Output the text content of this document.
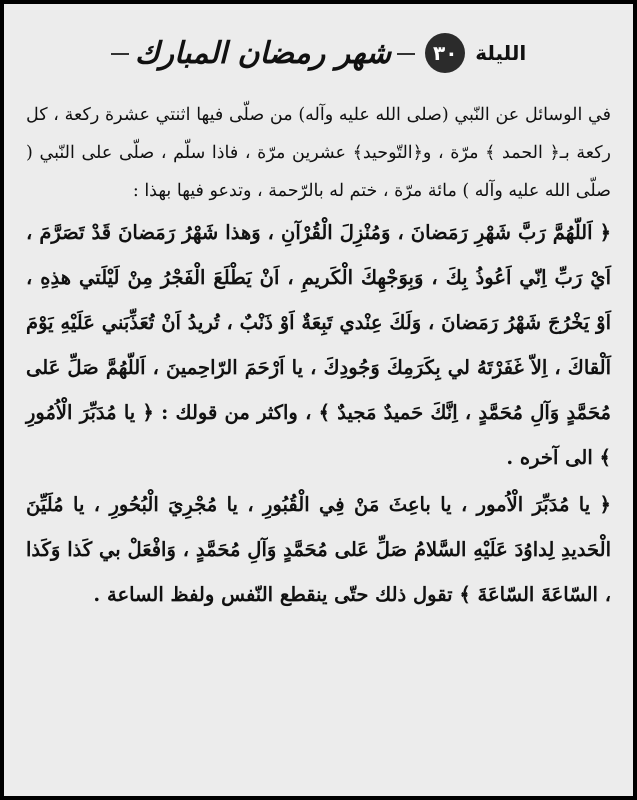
الليلة
٣٠
شهر رمضان المبارك

في الوسائل عن النّبي (صلى الله عليه وآله) من صلّى فيها اثنتي عشرة ركعة ، كل ركعة بـ﴿ الحمد ﴾ مرّة ، و﴿التّوحيد﴾ عشرين مرّة ، فاذا سلّم ، صلّى على النّبي ( صلّى الله عليه وآله ) مائة مرّة ، ختم له بالرّحمة ، وتدعو فيها بهذا :

﴿ اَللّهُمَّ رَبَّ شَهْرِ رَمَضانَ ، وَمُنْزِلَ الْقُرْآنِ ، وَهذا شَهْرُ رَمَضانَ قَدْ تَصَرَّمَ ، اَيْ رَبِّ اِنّي اَعُوذُ بِكَ ، وَبِوَجْهِكَ الْكَريمِ ، اَنْ يَطْلَعَ الْفَجْرُ مِنْ لَيْلَتي هذِهِ ، اَوْ يَخْرُجَ شَهْرُ رَمَضانَ ، وَلَكَ عِنْدي تَبِعَةٌ اَوْ ذَنْبٌ ، تُريدُ اَنْ تُعَذِّبَني عَلَيْهِ يَوْمَ اَلْقاكَ ، اِلاّ غَفَرْتَهُ لي بِكَرَمِكَ وَجُودِكَ ، يا اَرْحَمَ الرّاحِمينَ ، اَللّهُمَّ صَلِّ عَلى مُحَمَّدٍ وَآلِ مُحَمَّدٍ ، اِنَّكَ حَميدٌ مَجيدٌ ﴾ ، واكثر من قولك : ﴿ يا مُدَبِّرَ الْاُمُورِ ﴾ الى آخره .

﴿ يا مُدَبِّرَ الْاُمور ، يا باعِثَ مَنْ فِي الْقُبُورِ ، يا مُجْرِيَ الْبُحُورِ ، يا مُلَيِّنَ الْحَديدِ لِداوُدَ عَلَيْهِ السَّلامُ صَلِّ عَلى مُحَمَّدٍ وَآلِ مُحَمَّدٍ ، وَافْعَلْ بي كَذا وَكَذا ، السّاعَةَ السّاعَةَ ﴾ تقول ذلك حتّى ينقطع النّفس ولفظ الساعة .
